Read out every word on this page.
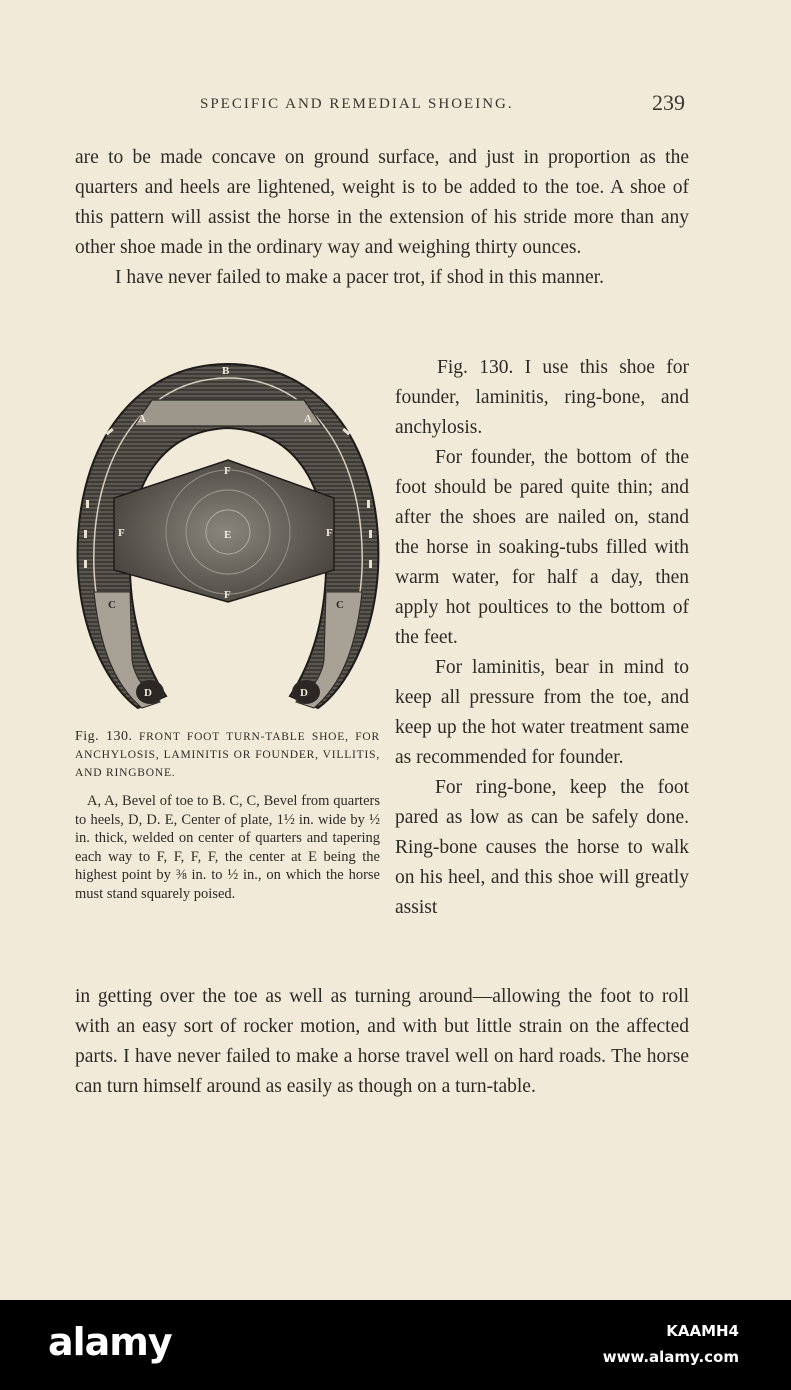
SPECIFIC AND REMEDIAL SHOEING.	239

are to be made concave on ground surface, and just in proportion as the quarters and heels are lightened, weight is to be added to the toe. A shoe of this pattern will assist the horse in the extension of his stride more than any other shoe made in the ordinary way and weighing thirty ounces.

I have never failed to make a pacer trot, if shod in this manner.

B
A	A
F
F	E	F
F
C	C
D	D
Fig. 130. FRONT FOOT TURN-TABLE SHOE, FOR ANCHYLOSIS, LAMINITIS OR FOUNDER, VILLITIS, AND RINGBONE.
A, A, Bevel of toe to B. C, C, Bevel from quarters to heels, D, D. E, Center of plate, 1½ in. wide by ½ in. thick, welded on center of quarters and tapering each way to F, F, F, F, the center at E being the highest point by ⅜ in. to ½ in., on which the horse must stand squarely poised.

Fig. 130. I use this shoe for founder, laminitis, ring-bone, and anchylosis.

For founder, the bottom of the foot should be pared quite thin; and after the shoes are nailed on, stand the horse in soaking-tubs filled with warm water, for half a day, then apply hot poultices to the bottom of the feet.

For laminitis, bear in mind to keep all pressure from the toe, and keep up the hot water treatment same as recommended for founder.

For ring-bone, keep the foot pared as low as can be safely done. Ring-bone causes the horse to walk on his heel, and this shoe will greatly assist

in getting over the toe as well as turning around—allowing the foot to roll with an easy sort of rocker motion, and with but little strain on the affected parts. I have never failed to make a horse travel well on hard roads. The horse can turn himself around as easily as though on a turn-table.

alamy	KAAMH4
www.alamy.com
